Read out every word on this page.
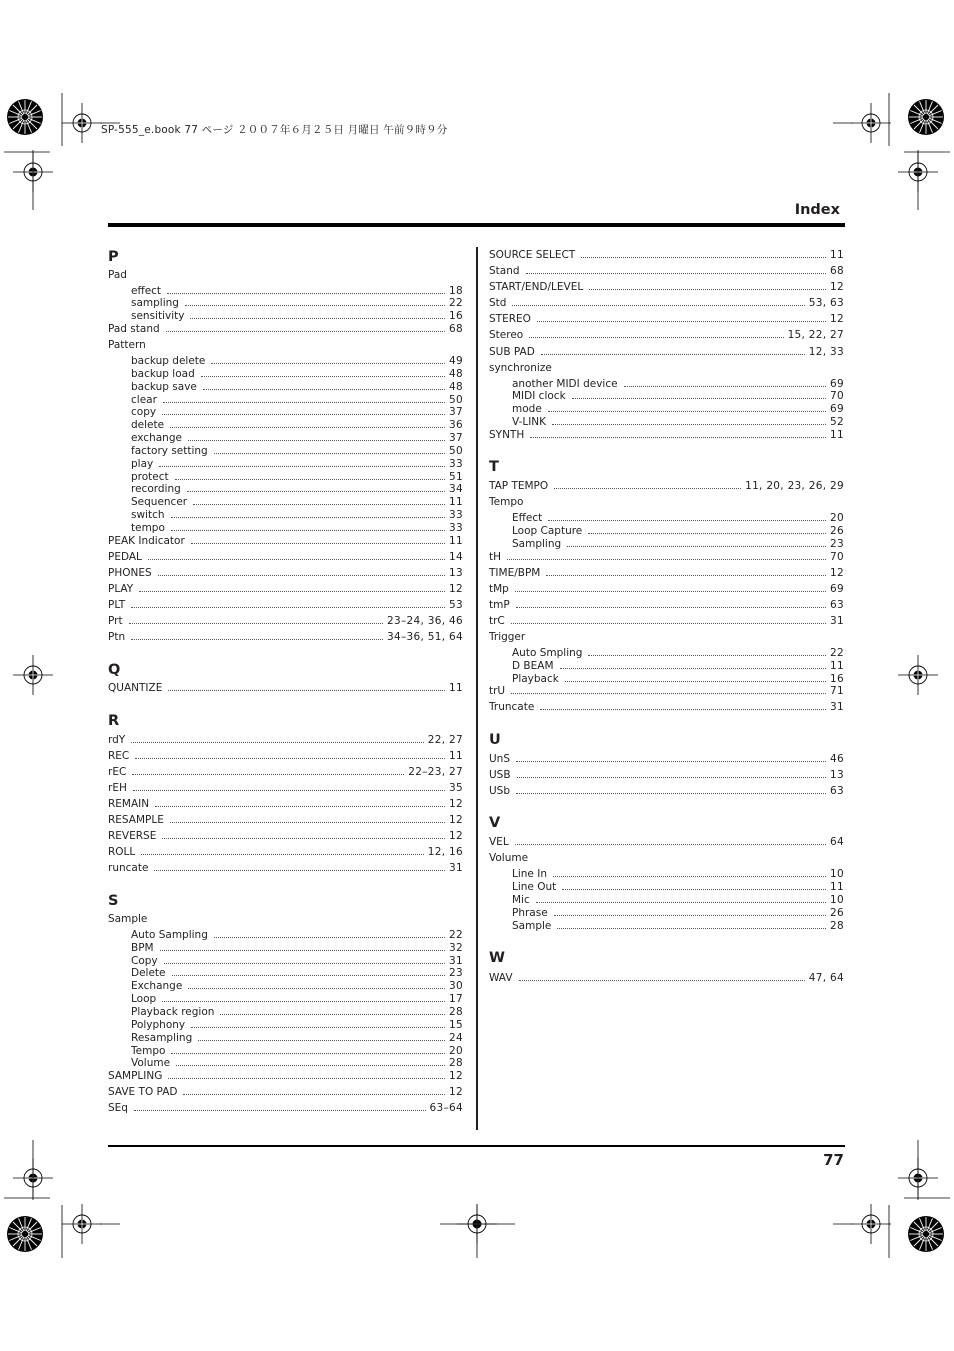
SP-555_e.book 77 ページ ２００７年６月２５日 月曜日 午前９時９分
Index
P
Pad
effect	18
sampling	22
sensitivity	16
Pad stand	68
Pattern
backup delete	49
backup load	48
backup save	48
clear	50
copy	37
delete	36
exchange	37
factory setting	50
play	33
protect	51
recording	34
Sequencer	11
switch	33
tempo	33
PEAK Indicator	11
PEDAL	14
PHONES	13
PLAY	12
PLT	53
Prt	23–24, 36, 46
Ptn	34–36, 51, 64
Q
QUANTIZE	11
R
rdY	22, 27
REC	11
rEC	22–23, 27
rEH	35
REMAIN	12
RESAMPLE	12
REVERSE	12
ROLL	12, 16
runcate	31
S
Sample
Auto Sampling	22
BPM	32
Copy	31
Delete	23
Exchange	30
Loop	17
Playback region	28
Polyphony	15
Resampling	24
Tempo	20
Volume	28
SAMPLING	12
SAVE TO PAD	12
SEq	63–64
SOURCE SELECT	11
Stand	68
START/END/LEVEL	12
Std	53, 63
STEREO	12
Stereo	15, 22, 27
SUB PAD	12, 33
synchronize
another MIDI device	69
MIDI clock	70
mode	69
V-LINK	52
SYNTH	11
T
TAP TEMPO	11, 20, 23, 26, 29
Tempo
Effect	20
Loop Capture	26
Sampling	23
tH	70
TIME/BPM	12
tMp	69
tmP	63
trC	31
Trigger
Auto Smpling	22
D BEAM	11
Playback	16
trU	71
Truncate	31
U
UnS	46
USB	13
USb	63
V
VEL	64
Volume
Line In	10
Line Out	11
Mic	10
Phrase	26
Sample	28
W
WAV	47, 64
77
